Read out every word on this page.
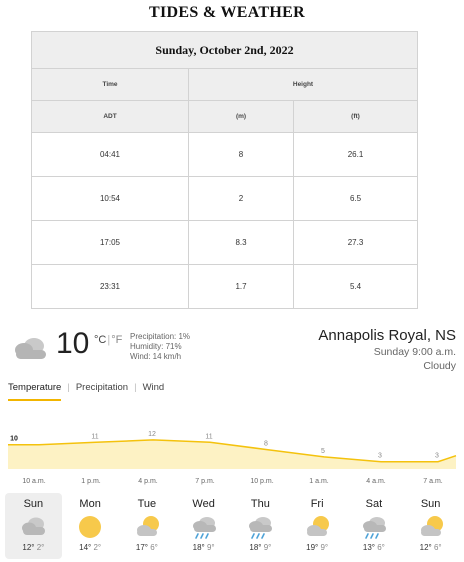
TIDES & WEATHER
Sunday, October 2nd, 2022		
Time	Height	
ADT	(m)	(ft)
04:41	8	26.1
10:54	2	6.5
17:05	8.3	27.3
23:31	1.7	5.4
10 °C|°F Precipitation: 1%
Humidity: 71%
Wind: 14 km/h
Annapolis Royal, NS
Sunday 9:00 a.m.
Cloudy
Temperature | Precipitation | Wind
10	11	12	11
8
5
3	3
10 a.m.	1 p.m.	4 p.m.	7 p.m.	10 p.m.	1 a.m.	4 a.m.	7 a.m.
Sun
12° 2°
Mon
14° 2°
Tue
17° 6°
Wed
18° 9°
Thu
18° 9°
Fri
19° 9°
Sat
13° 6°
Sun
12° 6°
